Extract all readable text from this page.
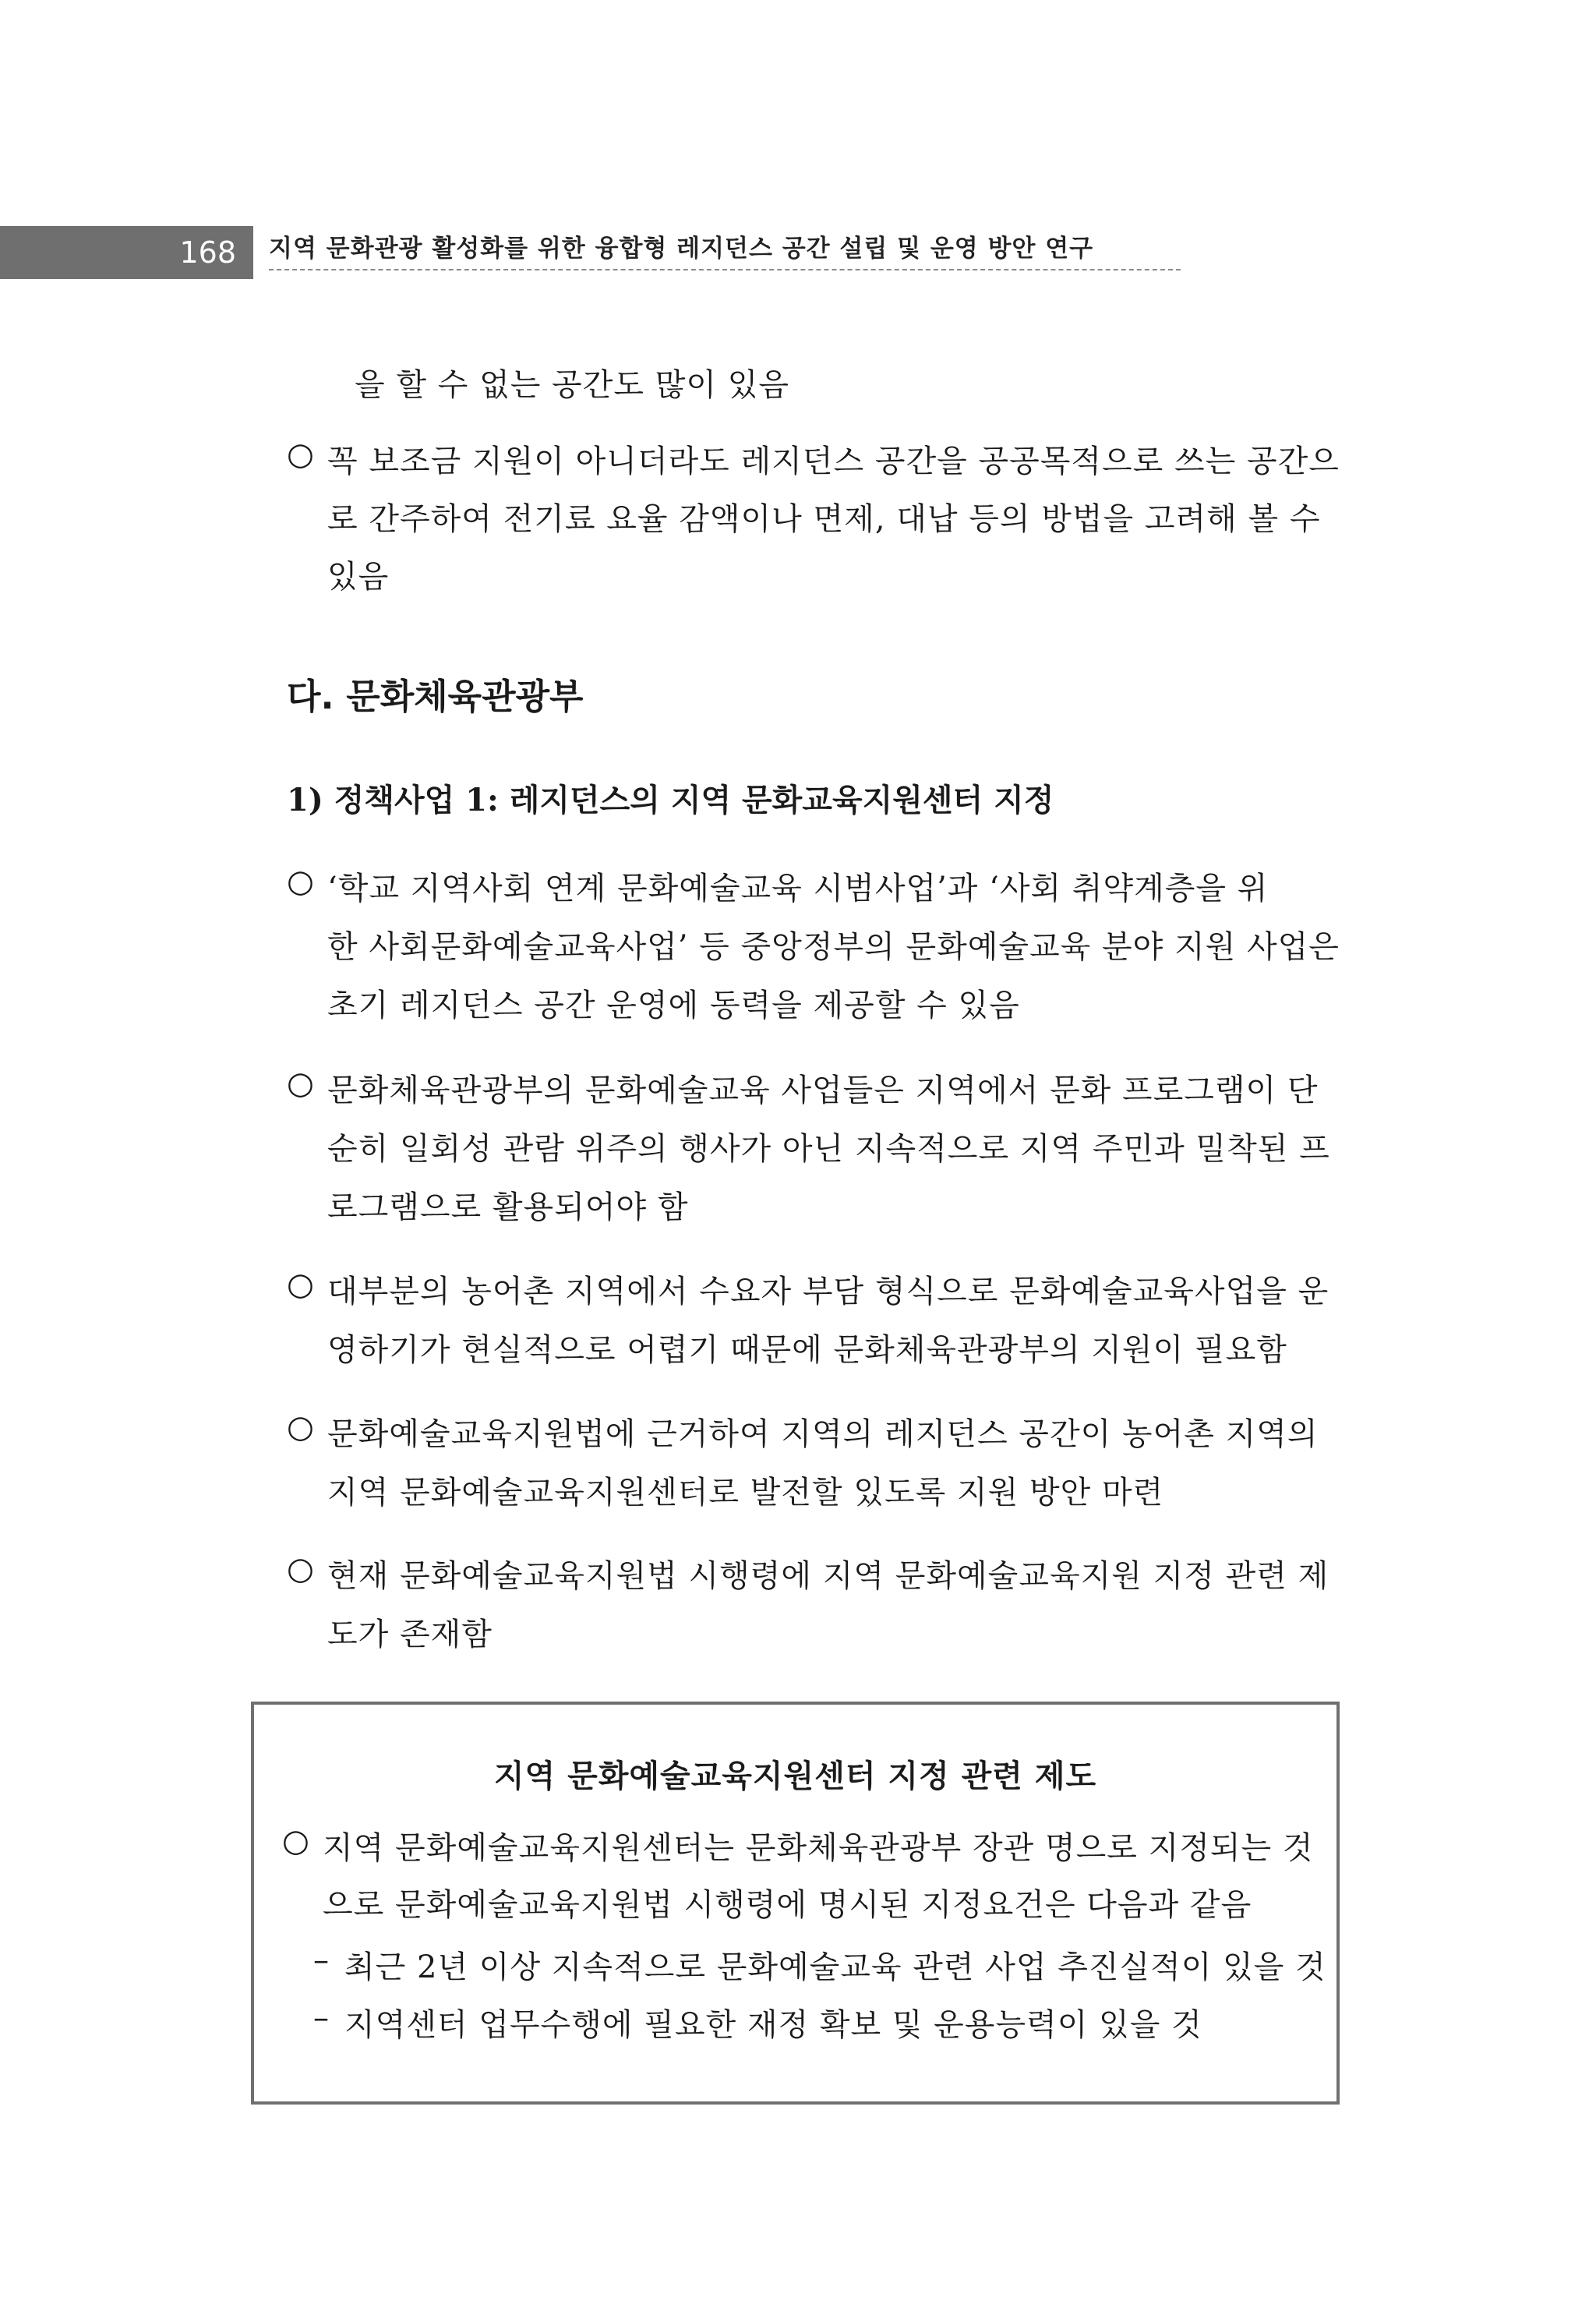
168	지역 문화관광 활성화를 위한 융합형 레지던스 공간 설립 및 운영 방안 연구
을 할 수 없는 공간도 많이 있음
○ 꼭 보조금 지원이 아니더라도 레지던스 공간을 공공목적으로 쓰는 공간으
로 간주하여 전기료 요율 감액이나 면제, 대납 등의 방법을 고려해 볼 수
있음
다. 문화체육관광부
1) 정책사업 1: 레지던스의 지역 문화교육지원센터 지정
○ ‘학교 지역사회 연계 문화예술교육 시범사업’과 ‘사회 취약계층을 위
한 사회문화예술교육사업’ 등 중앙정부의 문화예술교육 분야 지원 사업은
초기 레지던스 공간 운영에 동력을 제공할 수 있음
○ 문화체육관광부의 문화예술교육 사업들은 지역에서 문화 프로그램이 단
순히 일회성 관람 위주의 행사가 아닌 지속적으로 지역 주민과 밀착된 프
로그램으로 활용되어야 함
○ 대부분의 농어촌 지역에서 수요자 부담 형식으로 문화예술교육사업을 운
영하기가 현실적으로 어렵기 때문에 문화체육관광부의 지원이 필요함
○ 문화예술교육지원법에 근거하여 지역의 레지던스 공간이 농어촌 지역의
지역 문화예술교육지원센터로 발전할 있도록 지원 방안 마련
○ 현재 문화예술교육지원법 시행령에 지역 문화예술교육지원 지정 관련 제
도가 존재함
지역 문화예술교육지원센터 지정 관련 제도
○ 지역 문화예술교육지원센터는 문화체육관광부 장관 명으로 지정되는 것
으로 문화예술교육지원법 시행령에 명시된 지정요건은 다음과 같음
– 최근 2년 이상 지속적으로 문화예술교육 관련 사업 추진실적이 있을 것
– 지역센터 업무수행에 필요한 재정 확보 및 운용능력이 있을 것
